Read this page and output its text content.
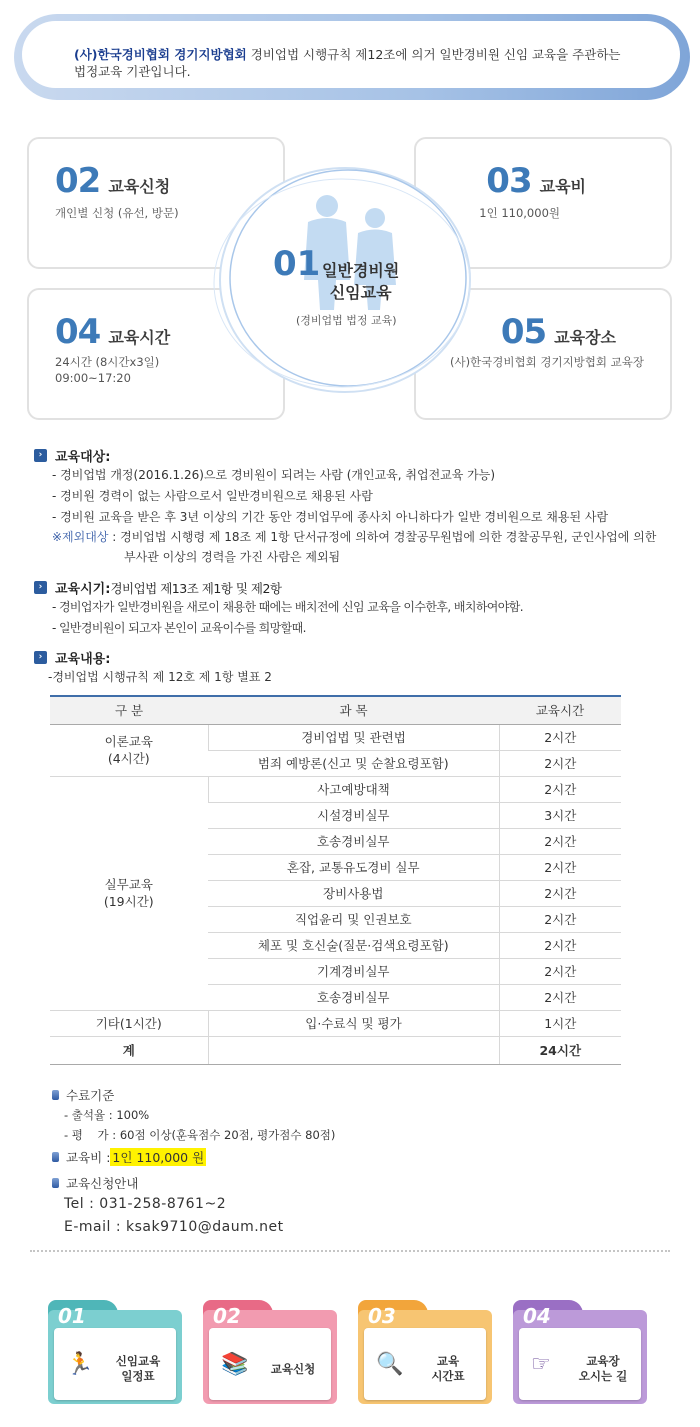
(사)한국경비협회 경기지방협회 경비업법 시행규칙 제12조에 의거 일반경비원 신임 교육을 주관하는
법정교육 기관입니다.
02 교육신청
개인별 신청 (유선, 방문)
03 교육비
1인 110,000원
04 교육시간
24시간 (8시간x3일)
09:00~17:20
05 교육장소
(사)한국경비협회 경기지방협회 교육장
01 일반경비원
신임교육
(경비업법 법정 교육)
› 교육대상:
- 경비업법 개정(2016.1.26)으로 경비원이 되려는 사람 (개인교육, 취업전교육 가능)
- 경비원 경력이 없는 사람으로서 일반경비원으로 채용된 사람
- 경비원 교육을 받은 후 3년 이상의 기간 동안 경비업무에 종사치 아니하다가 일반 경비원으로 채용된 사람
※제외대상 : 경비업법 시행령 제 18조 제 1항 단서규정에 의하여 경찰공무원법에 의한 경찰공무원, 군인사업에 의한
부사관 이상의 경력을 가진 사람은 제외됨
› 교육시기: 경비업법 제13조 제1항 및 제2항
- 경비업자가 일반경비원을 새로이 채용한 때에는 배치전에 신임 교육을 이수한후, 배치하여야함.
- 일반경비원이 되고자 본인이 교육이수를 희망할때.
› 교육내용:
-경비업법 시행규칙 제 12호 제 1항 별표 2
구 분	과 목	교육시간
이론교육
(4시간)	경비업법 및 관련법	2시간
	범죄 예방론(신고 및 순찰요령포함)	2시간
실무교육
(19시간)	사고예방대책	2시간
	시설경비실무	3시간
	호송경비실무	2시간
	혼잡, 교통유도경비 실무	2시간
	장비사용법	2시간
	직업윤리 및 인권보호	2시간
	체포 및 호신술(질문·검색요령포함)	2시간
	기계경비실무	2시간
	호송경비실무	2시간
기타(1시간)	입·수료식 및 평가	1시간
계		24시간
수료기준
- 출석율 : 100%
- 평    가 : 60점 이상(훈육점수 20점, 평가점수 80점)
교육비 : 1인 110,000 원
교육신청안내
Tel : 031-258-8761~2
E-mail : ksak9710@daum.net
01
🏃	신임교육
일정표
02
📚	교육신청
03
🔍	교육
시간표
04
☞	교육장
오시는 길
